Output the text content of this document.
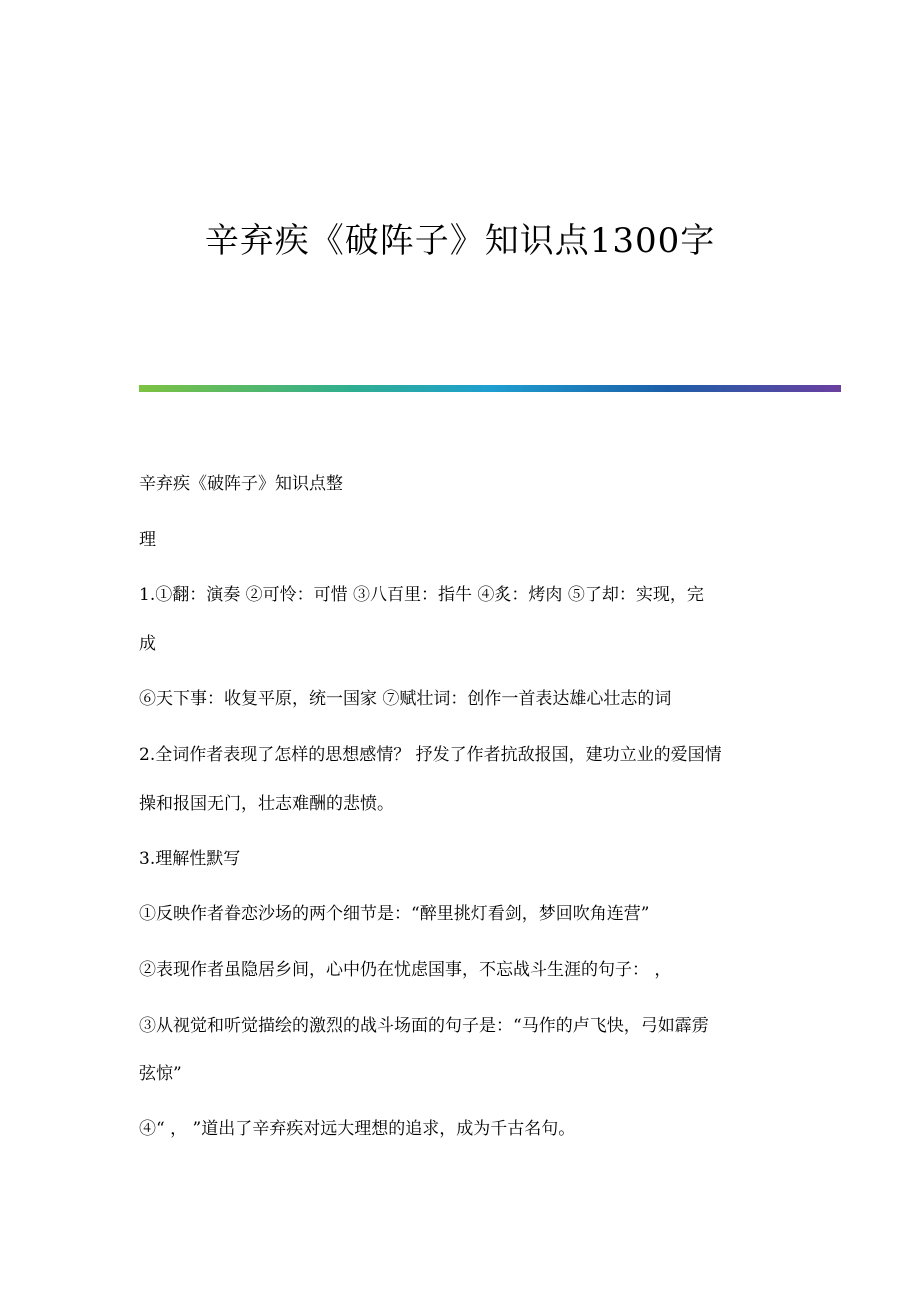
辛弃疾《破阵子》知识点1300字

辛弃疾《破阵子》知识点整

理

1.①翻：演奏 ②可怜：可惜 ③八百里：指牛 ④炙：烤肉 ⑤了却：实现，完

成

⑥天下事：收复平原，统一国家 ⑦赋壮词：创作一首表达雄心壮志的词

2.全词作者表现了怎样的思想感情？ 抒发了作者抗敌报国，建功立业的爱国情

操和报国无门，壮志难酬的悲愤。

3.理解性默写

①反映作者眷恋沙场的两个细节是：“醉里挑灯看剑，梦回吹角连营”

②表现作者虽隐居乡间，心中仍在忧虑国事，不忘战斗生涯的句子： ，

③从视觉和听觉描绘的激烈的战斗场面的句子是：“马作的卢飞快，弓如霹雳

弦惊”

④“ ， ”道出了辛弃疾对远大理想的追求，成为千古名句。
